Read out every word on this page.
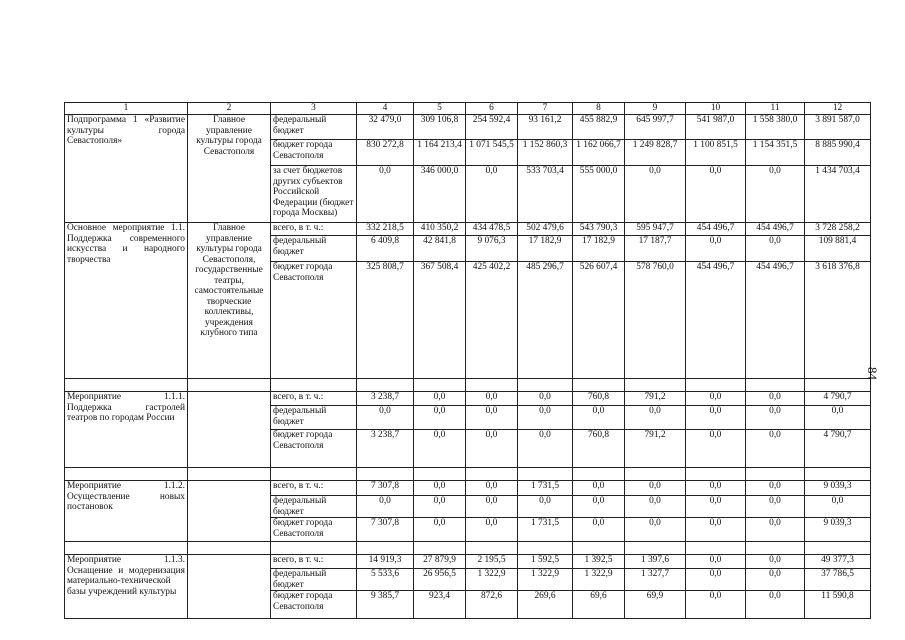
1	2	3	4	5	6	7	8	9	10	11	12
Подпрограмма 1 «Развитие культуры города Севастополя»	Главное управление культуры города Севастополя	федеральный бюджет	32 479,0	309 106,8	254 592,4	93 161,2	455 882,9	645 997,7	541 987,0	1 558 380,0	3 891 587,0
		бюджет города Севастополя	830 272,8	1 164 213,4	1 071 545,5	1 152 860,3	1 162 066,7	1 249 828,7	1 100 851,5	1 154 351,5	8 885 990,4
		за счет бюджетов других субъектов Российской Федерации (бюджет города Москвы)	0,0	346 000,0	0,0	533 703,4	555 000,0	0,0	0,0	0,0	1 434 703,4
Основное мероприятие 1.1. Поддержка современного искусства и народного творчества	Главное управление культуры города Севастополя, государственные театры, самостоятельные творческие коллективы, учреждения клубного типа	всего, в т. ч.:	332 218,5	410 350,2	434 478,5	502 479,6	543 790,3	595 947,7	454 496,7	454 496,7	3 728 258,2
		федеральный бюджет	6 409,8	42 841,8	9 076,3	17 182,9	17 182,9	17 187,7	0,0	0,0	109 881,4
		бюджет города Севастополя	325 808,7	367 508,4	425 402,2	485 296,7	526 607,4	578 760,0	454 496,7	454 496,7	3 618 376,8

Мероприятие 1.1.1. Поддержка гастролей театров по городам России		всего, в т. ч.:	3 238,7	0,0	0,0	0,0	760,8	791,2	0,0	0,0	4 790,7
		федеральный бюджет	0,0	0,0	0,0	0,0	0,0	0,0	0,0	0,0	0,0
		бюджет города Севастополя	3 238,7	0,0	0,0	0,0	760,8	791,2	0,0	0,0	4 790,7

Мероприятие 1.1.2. Осуществление новых постановок		всего, в т. ч.:	7 307,8	0,0	0,0	1 731,5	0,0	0,0	0,0	0,0	9 039,3
		федеральный бюджет	0,0	0,0	0,0	0,0	0,0	0,0	0,0	0,0	0,0
		бюджет города Севастополя	7 307,8	0,0	0,0	1 731,5	0,0	0,0	0,0	0,0	9 039,3

Мероприятие 1.1.3. Оснащение и модернизация материально-технической базы учреждений культуры		всего, в т. ч.:	14 919,3	27 879,9	2 195,5	1 592,5	1 392,5	1 397,6	0,0	0,0	49 377,3
		федеральный бюджет	5 533,6	26 956,5	1 322,9	1 322,9	1 322,9	1 327,7	0,0	0,0	37 786,5
		бюджет города Севастополя	9 385,7	923,4	872,6	269,6	69,6	69,9	0,0	0,0	11 590,8
84
